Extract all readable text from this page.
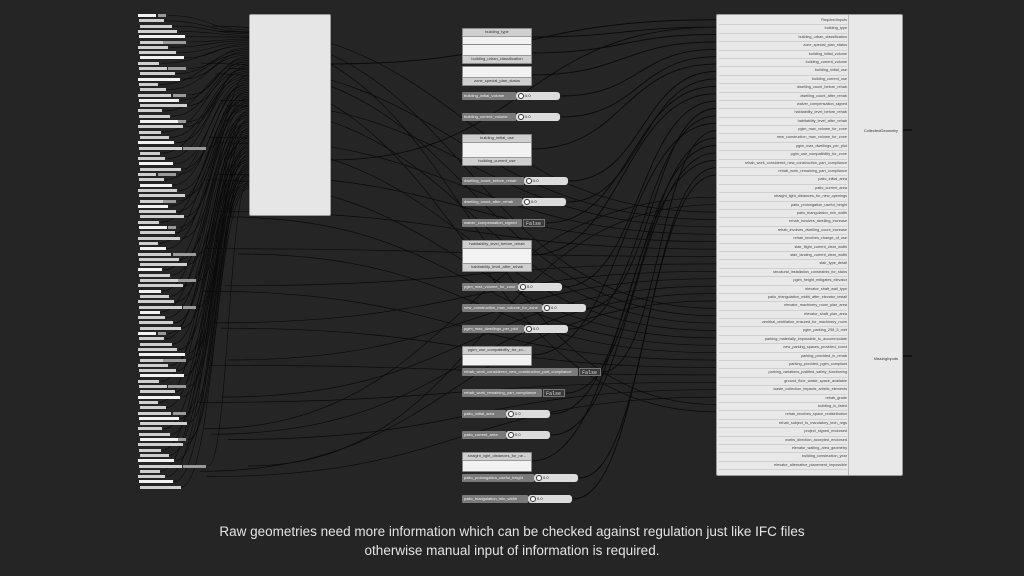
building_type
building_urban_classification
zone_special_plan_status
building_initial_volume	0.0
building_current_volume	0.0
building_initial_use
building_current_use
dwelling_count_before_rehab	0.0
dwelling_count_after_rehab	0.0
waiver_compensation_signed	False
habitability_level_before_rehab
habitability_level_after_rehab
pgim_max_volume_for_zone	0.0
new_construction_max_volume_for_zone	0.0
pgim_max_dwellings_per_plot	0.0
pgim_use_compatibility_for_zo...
rehab_work_considered_new_construction_part_compliance	False
rehab_work_remaining_part_compliance	False
patio_initial_area	0.0
patio_current_area	0.0
straight_light_distances_for_ne...
patio_prolongation_useful_height	0.0
patio_triangulation_min_width	0.0
RequiredInputs
building_type
building_urban_classification
zone_special_plan_status
building_initial_volume
building_current_volume
building_initial_use
building_current_use
dwelling_count_before_rehab
dwelling_count_after_rehab
waiver_compensation_signed
habitability_level_before_rehab
habitability_level_after_rehab
pgim_max_volume_for_zone
new_construction_max_volume_for_zone
pgim_max_dwellings_per_plot
pgim_use_compatibility_for_zone
rehab_work_considered_new_construction_part_compliance
rehab_work_remaining_part_compliance
patio_initial_area
patio_current_area
straight_light_distances_for_new_openings
patio_prolongation_useful_height
patio_triangulation_min_width
rehab_involves_dwelling_increase
rehab_involves_dwelling_count_increase
rehab_involves_change_of_use
stair_flight_current_clear_width
stair_landing_current_clear_width
stair_type_detail
structural_installation_constraints_for_stairs
pgim_height_mitigates_elevator
elevator_shaft_wall_type
patio_triangulation_width_after_elevator_install
elevator_machinery_room_plan_area
elevator_shaft_plan_area
zenithal_ventilation_ensured_for_machinery_room
pgim_parking_298_5_met
parking_materially_impossible_to_accommodate
new_parking_spaces_provided_count
parking_provided_in_rehab
parking_provided_pgim_compliant
parking_variations_justified_safety_functioning
ground_floor_waste_space_available
waste_collection_impacts_artistic_elements
rehab_grade
building_is_listed
rehab_involves_space_redistribution
rehab_subject_to_mandatory_tech_regs
project_signed_endorsed
works_direction_accepted_endorsed
elevator_waiting_area_geometry
building_construction_year
elevator_alternative_placement_impossible
CollectedGeometry
MissingInputs
Raw geometries need more information which can be checked against regulation just like IFC files
otherwise manual input of information is required.
